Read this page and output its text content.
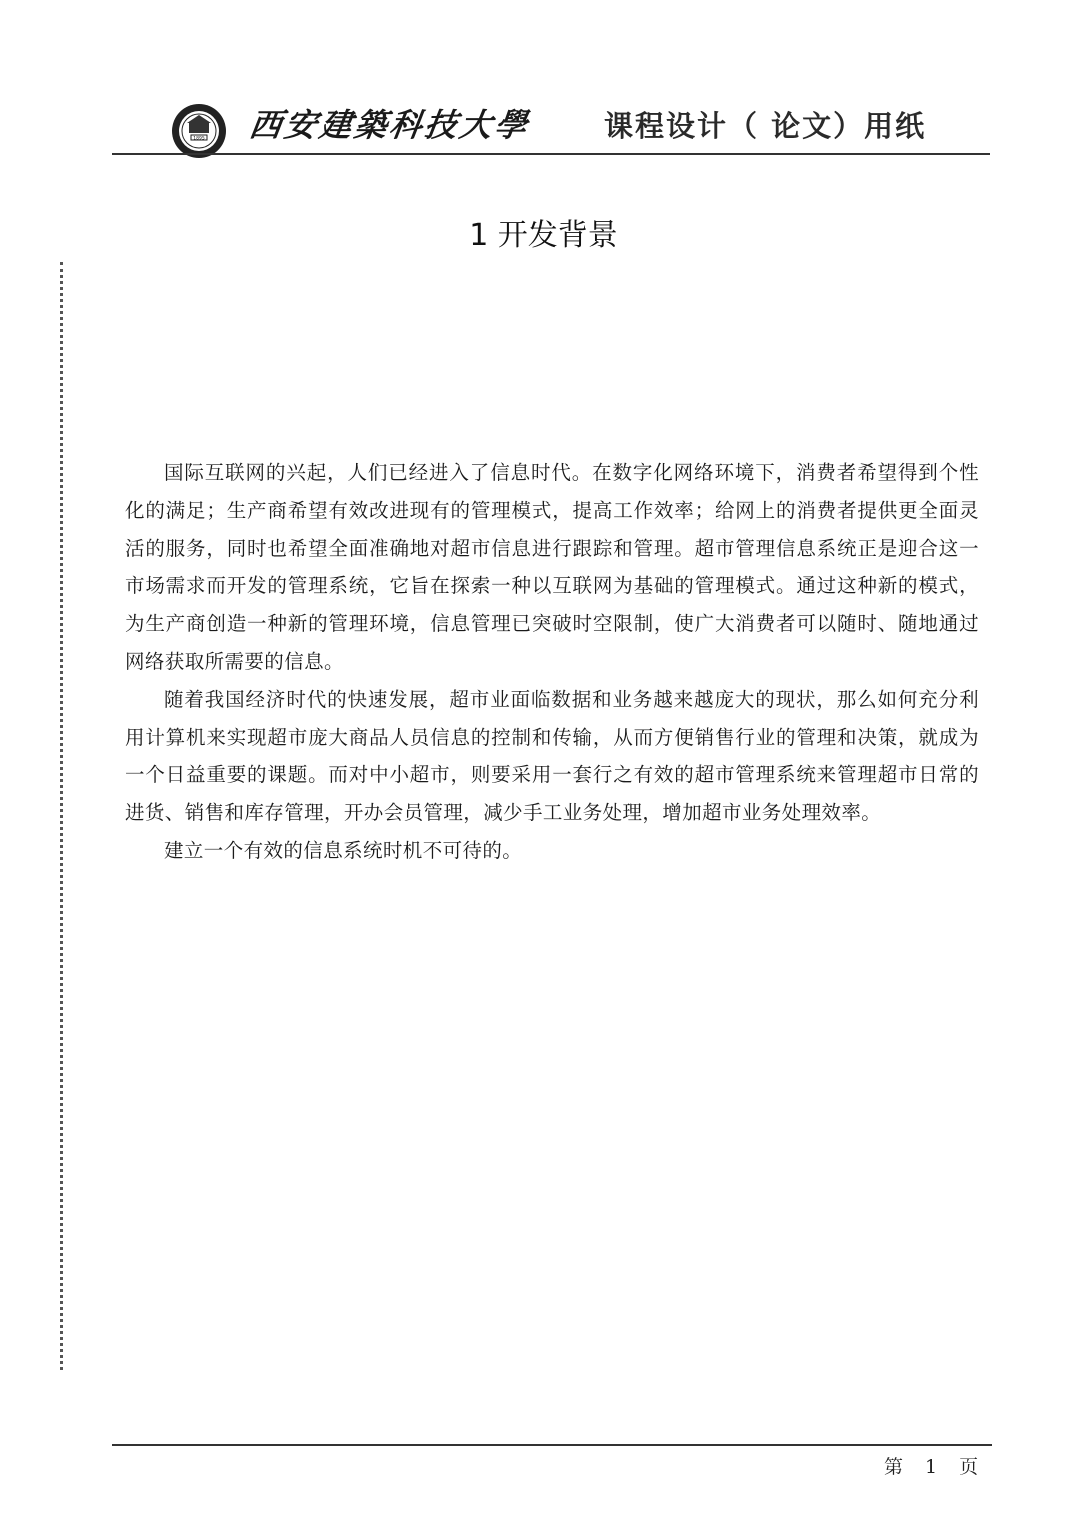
1895 西安建築科技大學 课程设计（ 论文）用纸
1 开发背景

国际互联网的兴起，人们已经进入了信息时代。在数字化网络环境下，消费者希望得到个性化的满足；生产商希望有效改进现有的管理模式，提高工作效率；给网上的消费者提供更全面灵活的服务，同时也希望全面准确地对超市信息进行跟踪和管理。超市管理信息系统正是迎合这一市场需求而开发的管理系统，它旨在探索一种以互联网为基础的管理模式。通过这种新的模式，为生产商创造一种新的管理环境，信息管理已突破时空限制，使广大消费者可以随时、随地通过网络获取所需要的信息。

随着我国经济时代的快速发展，超市业面临数据和业务越来越庞大的现状，那么如何充分利用计算机来实现超市庞大商品人员信息的控制和传输，从而方便销售行业的管理和决策，就成为一个日益重要的课题。而对中小超市，则要采用一套行之有效的超市管理系统来管理超市日常的进货、销售和库存管理，开办会员管理，减少手工业务处理，增加超市业务处理效率。

建立一个有效的信息系统时机不可待的。

第 1 页
